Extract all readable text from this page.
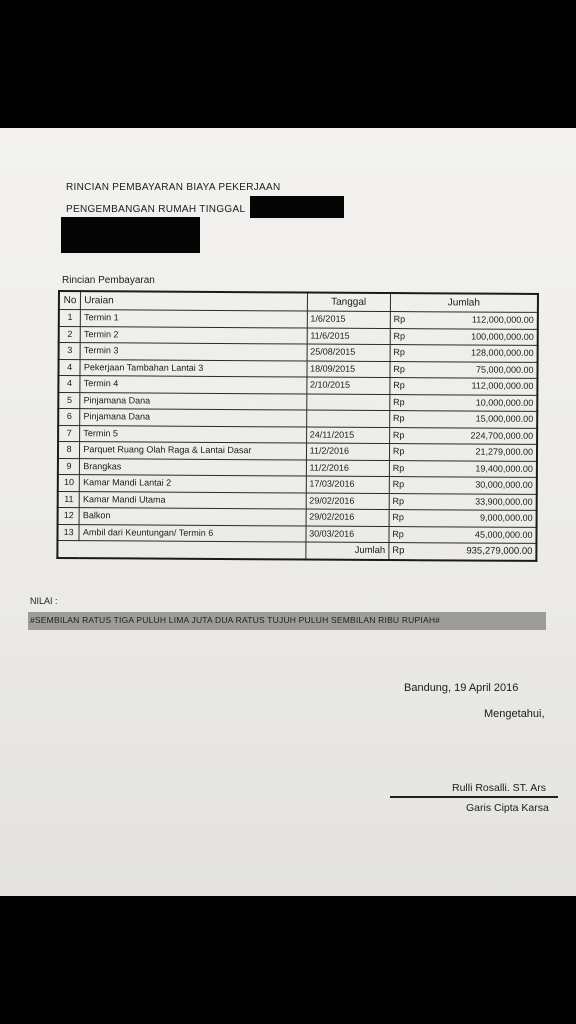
RINCIAN PEMBAYARAN BIAYA PEKERJAAN
PENGEMBANGAN RUMAH TINGGAL
Rincian Pembayaran
No	Uraian	Tanggal	Jumlah	
1	Termin 1	1/6/2015	Rp	112,000,000.00
2	Termin 2	11/6/2015	Rp	100,000,000.00
3	Termin 3	25/08/2015	Rp	128,000,000.00
4	Pekerjaan Tambahan Lantai 3	18/09/2015	Rp	75,000,000.00
4	Termin 4	2/10/2015	Rp	112,000,000.00
5	Pinjamana Dana		Rp	10,000,000.00
6	Pinjamana Dana		Rp	15,000,000.00
7	Termin 5	24/11/2015	Rp	224,700,000.00
8	Parquet Ruang Olah Raga & Lantai Dasar	11/2/2016	Rp	21,279,000.00
9	Brangkas	11/2/2016	Rp	19,400,000.00
10	Kamar Mandi Lantai 2	17/03/2016	Rp	30,000,000.00
11	Kamar Mandi Utama	29/02/2016	Rp	33,900,000.00
12	Balkon	29/02/2016	Rp	9,000,000.00
13	Ambil dari Keuntungan/ Termin 6	30/03/2016	Rp	45,000,000.00
		Jumlah	Rp	935,279,000.00
NILAI :
#SEMBILAN RATUS TIGA PULUH LIMA JUTA DUA RATUS TUJUH PULUH SEMBILAN RIBU RUPIAH#
Bandung, 19 April 2016
Mengetahui,
Rulli Rosalli. ST. Ars
Garis Cipta Karsa
